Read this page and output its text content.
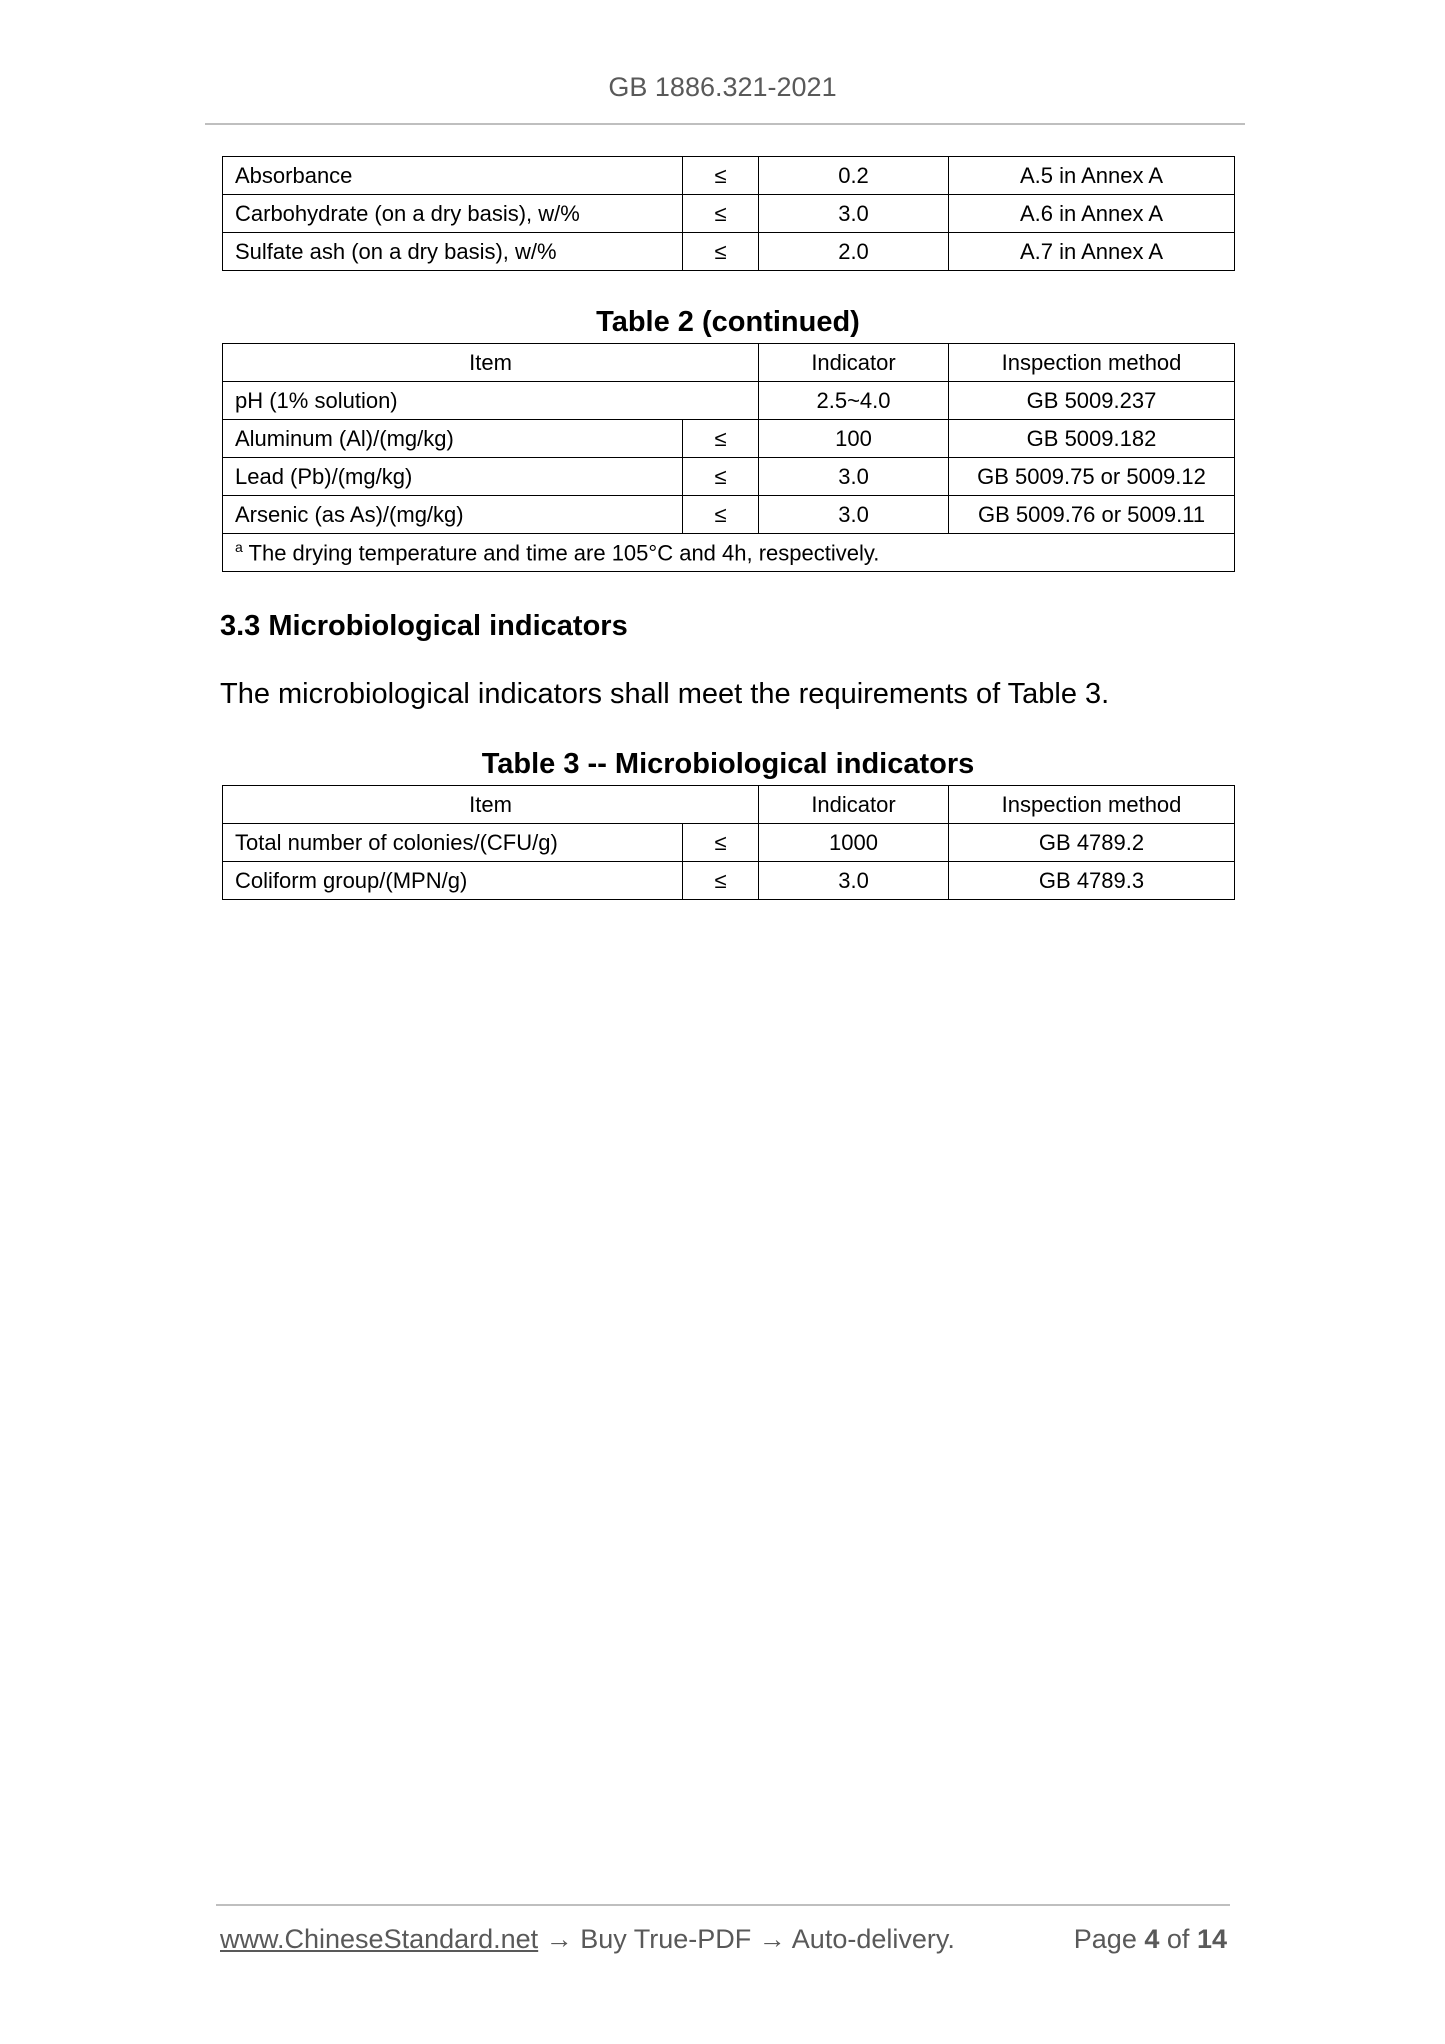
GB 1886.321-2021
Absorbance	≤	0.2	A.5 in Annex A
Carbohydrate (on a dry basis), w/%	≤	3.0	A.6 in Annex A
Sulfate ash (on a dry basis), w/%	≤	2.0	A.7 in Annex A
Table 2 (continued)
Item		Indicator	Inspection method
pH (1% solution)		2.5~4.0	GB 5009.237
Aluminum (Al)/(mg/kg)	≤	100	GB 5009.182
Lead (Pb)/(mg/kg)	≤	3.0	GB 5009.75 or 5009.12
Arsenic (as As)/(mg/kg)	≤	3.0	GB 5009.76 or 5009.11
$^a$ The drying temperature and time are 105°C and 4h, respectively.			
3.3 Microbiological indicators
The microbiological indicators shall meet the requirements of Table 3.
Table 3 -- Microbiological indicators
Item		Indicator	Inspection method
Total number of colonies/(CFU/g)	≤	1000	GB 4789.2
Coliform group/(MPN/g)	≤	3.0	GB 4789.3
www.ChineseStandard.net → Buy True-PDF → Auto-delivery.	Page 4 of 14
